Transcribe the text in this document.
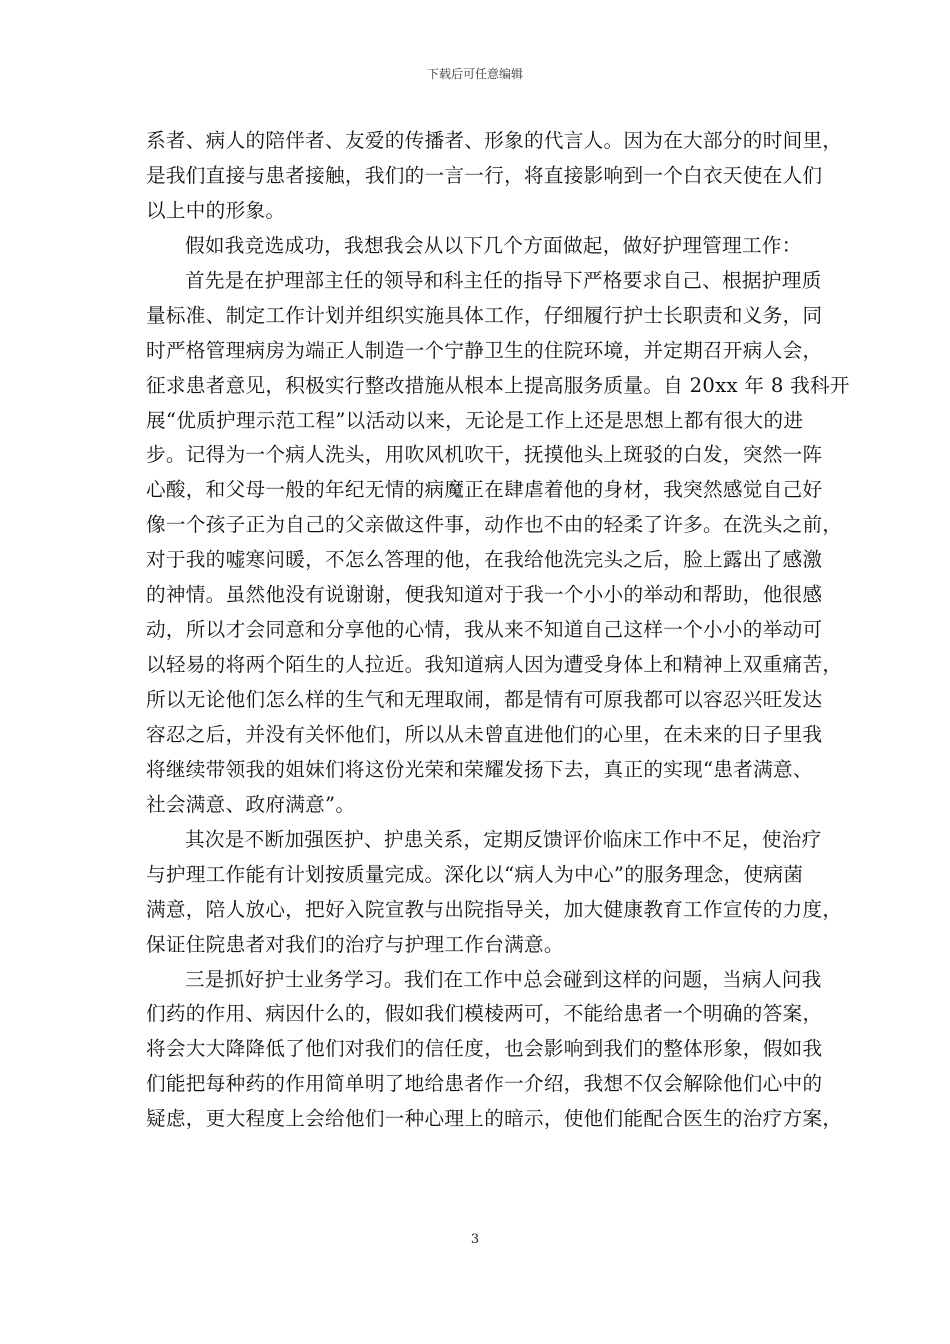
下载后可任意编辑
系者、病人的陪伴者、友爱的传播者、形象的代言人。因为在大部分的时间里，
是我们直接与患者接触，我们的一言一行，将直接影响到一个白衣天使在人们
以上中的形象。
假如我竞选成功，我想我会从以下几个方面做起，做好护理管理工作：
首先是在护理部主任的领导和科主任的指导下严格要求自己、根据护理质
量标准、制定工作计划并组织实施具体工作，仔细履行护士长职责和义务，同
时严格管理病房为端正人制造一个宁静卫生的住院环境，并定期召开病人会，
征求患者意见，积极实行整改措施从根本上提高服务质量。自 20xx 年 8 我科开
展“优质护理示范工程”以活动以来，无论是工作上还是思想上都有很大的进
步。记得为一个病人洗头，用吹风机吹干，抚摸他头上斑驳的白发，突然一阵
心酸，和父母一般的年纪无情的病魔正在肆虐着他的身材，我突然感觉自己好
像一个孩子正为自己的父亲做这件事，动作也不由的轻柔了许多。在洗头之前，
对于我的嘘寒问暖，不怎么答理的他，在我给他洗完头之后，脸上露出了感激
的神情。虽然他没有说谢谢，便我知道对于我一个小小的举动和帮助，他很感
动，所以才会同意和分享他的心情，我从来不知道自己这样一个小小的举动可
以轻易的将两个陌生的人拉近。我知道病人因为遭受身体上和精神上双重痛苦，
所以无论他们怎么样的生气和无理取闹，都是情有可原我都可以容忍兴旺发达
容忍之后，并没有关怀他们，所以从未曾直进他们的心里，在未来的日子里我
将继续带领我的姐妹们将这份光荣和荣耀发扬下去，真正的实现“患者满意、
社会满意、政府满意”。
其次是不断加强医护、护患关系，定期反馈评价临床工作中不足，使治疗
与护理工作能有计划按质量完成。深化以“病人为中心”的服务理念，使病菌
满意，陪人放心，把好入院宣教与出院指导关，加大健康教育工作宣传的力度，
保证住院患者对我们的治疗与护理工作台满意。
三是抓好护士业务学习。我们在工作中总会碰到这样的问题，当病人问我
们药的作用、病因什么的，假如我们模棱两可，不能给患者一个明确的答案，
将会大大降降低了他们对我们的信任度，也会影响到我们的整体形象，假如我
们能把每种药的作用简单明了地给患者作一介绍，我想不仅会解除他们心中的
疑虑，更大程度上会给他们一种心理上的暗示，使他们能配合医生的治疗方案，
3
